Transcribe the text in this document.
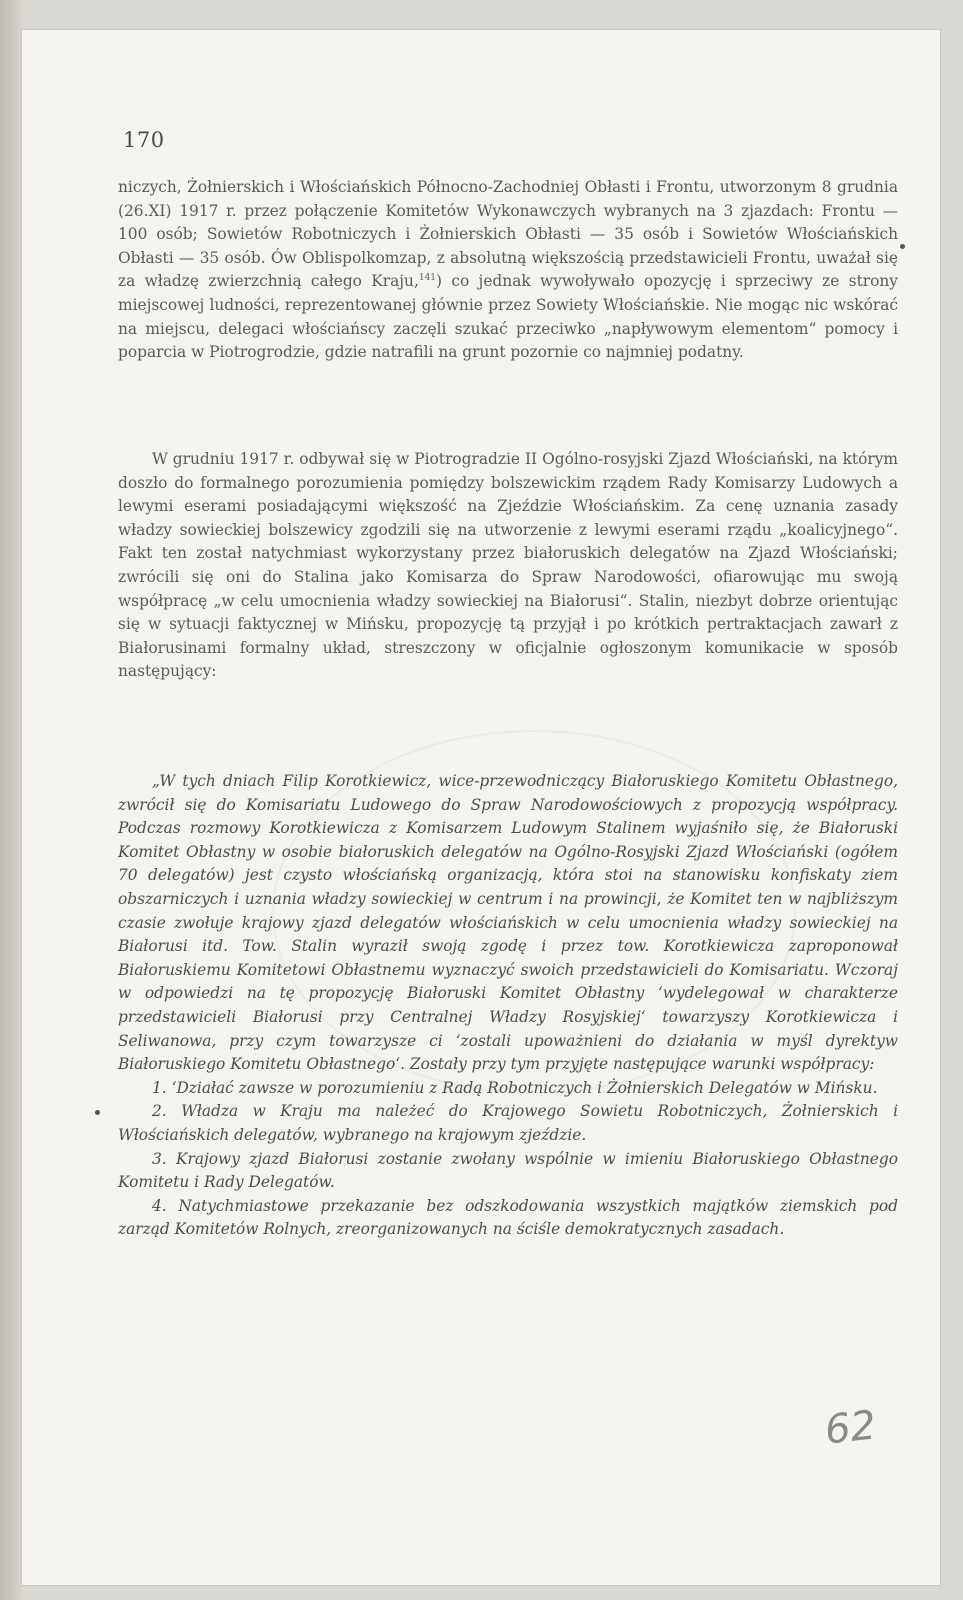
170

niczych, Żołnierskich i Włościańskich Północno-Zachodniej Obłasti i Frontu, utworzonym 8 grudnia (26.XI) 1917 r. przez połączenie Komitetów Wykonawczych wybranych na 3 zjazdach: Frontu — 100 osób; Sowietów Robotniczych i Żołnierskich Obłasti — 35 osób i Sowietów Włościańskich Obłasti — 35 osób. Ów Oblispolkomzap, z absolutną większością przedstawicieli Frontu, uważał się za władzę zwierzchnią całego Kraju,$^{141}$) co jednak wywoływało opozycję i sprzeciwy ze strony miejscowej ludności, reprezentowanej głównie przez Sowiety Włościańskie. Nie mogąc nic wskórać na miejscu, delegaci włościańscy zaczęli szukać przeciwko „napływowym elementom“ pomocy i poparcia w Piotrogrodzie, gdzie natrafili na grunt pozornie co najmniej podatny.

W grudniu 1917 r. odbywał się w Piotrogradzie II Ogólno-rosyjski Zjazd Włościański, na którym doszło do formalnego porozumienia pomiędzy bolszewickim rządem Rady Komisarzy Ludowych a lewymi eserami posiadającymi większość na Zjeździe Włościańskim. Za cenę uznania zasady władzy sowieckiej bolszewicy zgodzili się na utworzenie z lewymi eserami rządu „koalicyjnego“. Fakt ten został natychmiast wykorzystany przez białoruskich delegatów na Zjazd Włościański; zwrócili się oni do Stalina jako Komisarza do Spraw Narodowości, ofiarowując mu swoją współpracę „w celu umocnienia władzy sowieckiej na Białorusi“. Stalin, niezbyt dobrze orientując się w sytuacji faktycznej w Mińsku, propozycję tą przyjął i po krótkich pertraktacjach zawarł z Białorusinami formalny układ, streszczony w oficjalnie ogłoszonym komunikacie w sposób następujący:

„W tych dniach Filip Korotkiewicz, wice-przewodniczący Białoruskiego Komitetu Obłastnego, zwrócił się do Komisariatu Ludowego do Spraw Narodowościowych z propozycją współpracy. Podczas rozmowy Korotkiewicza z Komisarzem Ludowym Stalinem wyjaśniło się, że Białoruski Komitet Obłastny w osobie białoruskich delegatów na Ogólno-Rosyjski Zjazd Włościański (ogółem 70 delegatów) jest czysto włościańską organizacją, która stoi na stanowisku konfiskaty ziem obszarniczych i uznania władzy sowieckiej w centrum i na prowincji, że Komitet ten w najbliższym czasie zwołuje krajowy zjazd delegatów włościańskich w celu umocnienia władzy sowieckiej na Białorusi itd. Tow. Stalin wyraził swoją zgodę i przez tow. Korotkiewicza zaproponował Białoruskiemu Komitetowi Obłastnemu wyznaczyć swoich przedstawicieli do Komisariatu. Wczoraj w odpowiedzi na tę propozycję Białoruski Komitet Obłastny ‘wydelegował w charakterze przedstawicieli Białorusi przy Centralnej Władzy Rosyjskiej‘ towarzyszy Korotkiewicza i Seliwanowa, przy czym towarzysze ci ‘zostali upoważnieni do działania w myśl dyrektyw Białoruskiego Komitetu Obłastnego‘. Zostały przy tym przyjęte następujące warunki współpracy:

1. ‘Działać zawsze w porozumieniu z Radą Robotniczych i Żołnierskich Delegatów w Mińsku.

2. Władza w Kraju ma należeć do Krajowego Sowietu Robotniczych, Żołnierskich i Włościańskich delegatów, wybranego na krajowym zjeździe.

3. Krajowy zjazd Białorusi zostanie zwołany wspólnie w imieniu Białoruskiego Obłastnego Komitetu i Rady Delegatów.

4. Natychmiastowe przekazanie bez odszkodowania wszystkich majątków ziemskich pod zarząd Komitetów Rolnych, zreorganizowanych na ściśle demokratycznych zasadach.

62
